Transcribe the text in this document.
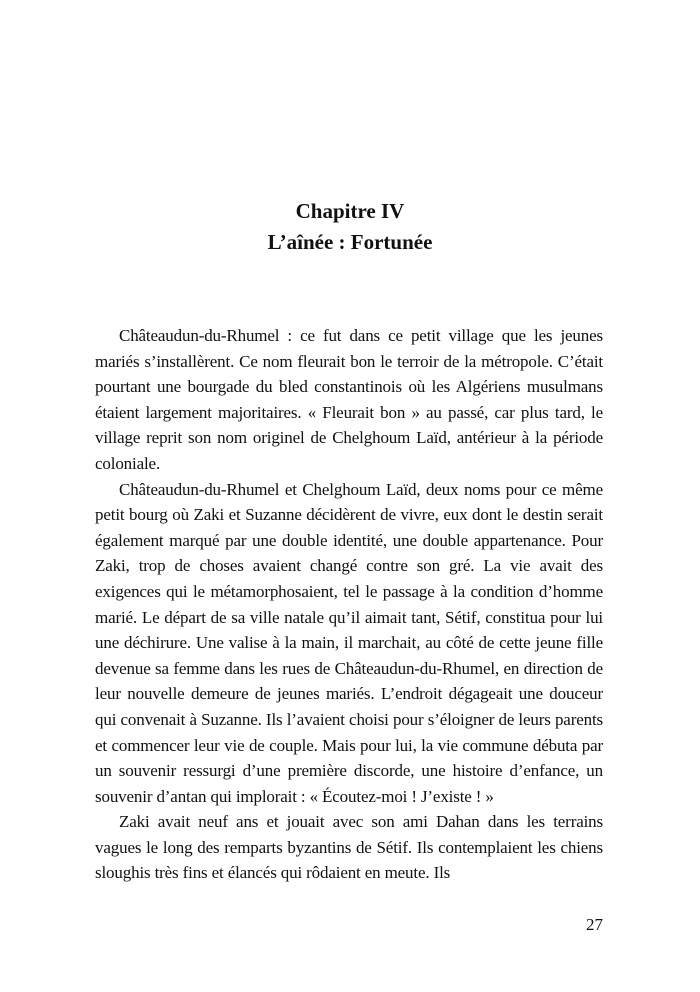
Chapitre IV
L’aînée : Fortunée

Châteaudun-du-Rhumel : ce fut dans ce petit village que les jeunes mariés s’installèrent. Ce nom fleurait bon le terroir de la métropole. C’était pourtant une bourgade du bled constantinois où les Algériens musulmans étaient largement majoritaires. « Fleurait bon » au passé, car plus tard, le village reprit son nom originel de Chelghoum Laïd, antérieur à la période coloniale.

Châteaudun-du-Rhumel et Chelghoum Laïd, deux noms pour ce même petit bourg où Zaki et Suzanne décidèrent de vivre, eux dont le destin serait également marqué par une double identité, une double appartenance. Pour Zaki, trop de choses avaient changé contre son gré. La vie avait des exigences qui le métamorphosaient, tel le passage à la condition d’homme marié. Le départ de sa ville natale qu’il aimait tant, Sétif, constitua pour lui une déchirure. Une valise à la main, il marchait, au côté de cette jeune fille devenue sa femme dans les rues de Châteaudun-du-Rhumel, en direction de leur nouvelle demeure de jeunes mariés. L’endroit dégageait une douceur qui convenait à Suzanne. Ils l’avaient choisi pour s’éloigner de leurs parents et commencer leur vie de couple. Mais pour lui, la vie commune débuta par un souvenir ressurgi d’une première discorde, une histoire d’enfance, un souvenir d’antan qui implorait : « Écoutez-moi ! J’existe ! »

Zaki avait neuf ans et jouait avec son ami Dahan dans les terrains vagues le long des remparts byzantins de Sétif. Ils contemplaient les chiens sloughis très fins et élancés qui rôdaient en meute. Ils

27
